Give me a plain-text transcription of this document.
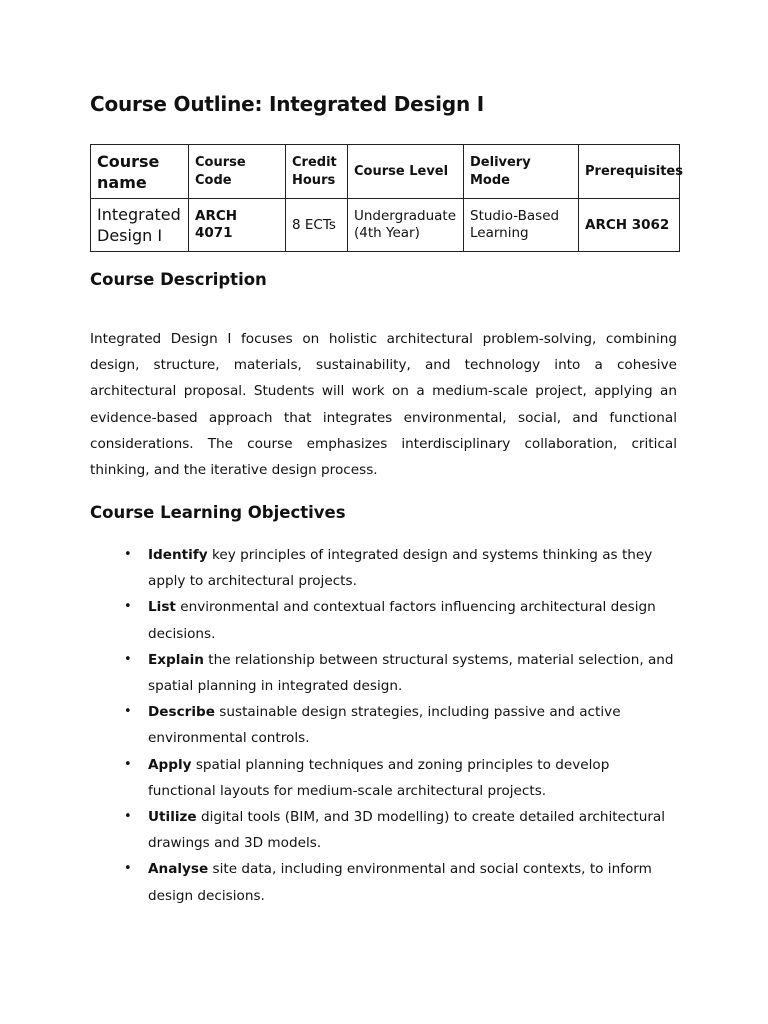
Course Outline: Integrated Design I
Course name	Course Code	Credit Hours	Course Level	Delivery Mode	Prerequisites
Integrated Design I	ARCH 4071	8 ECTs	Undergraduate (4th Year)	Studio-Based Learning	ARCH 3062
Course Description

Integrated Design I focuses on holistic architectural problem-solving, combining design, structure, materials, sustainability, and technology into a cohesive architectural proposal. Students will work on a medium-scale project, applying an evidence-based approach that integrates environmental, social, and functional considerations. The course emphasizes interdisciplinary collaboration, critical thinking, and the iterative design process.

Course Learning Objectives
• Identify key principles of integrated design and systems thinking as they apply to architectural projects.
• List environmental and contextual factors influencing architectural design decisions.
• Explain the relationship between structural systems, material selection, and spatial planning in integrated design.
• Describe sustainable design strategies, including passive and active environmental controls.
• Apply spatial planning techniques and zoning principles to develop functional layouts for medium-scale architectural projects.
• Utilize digital tools (BIM, and 3D modelling) to create detailed architectural drawings and 3D models.
• Analyse site data, including environmental and social contexts, to inform design decisions.
